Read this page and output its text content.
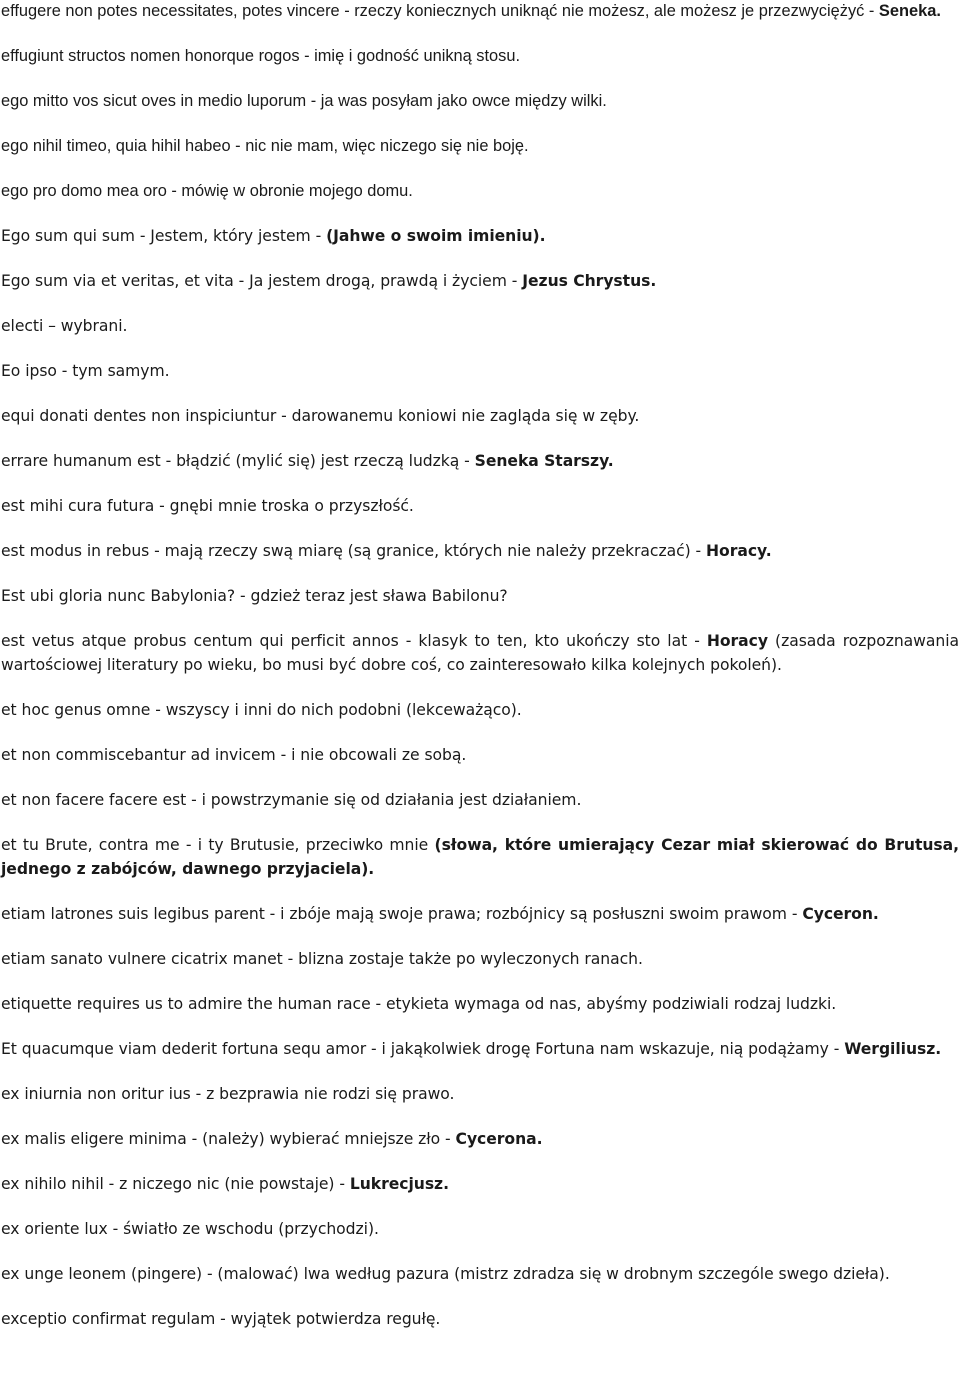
effugere non potes necessitates, potes vincere - rzeczy koniecznych uniknąć nie możesz, ale możesz je przezwyciężyć - Seneka.

effugiunt structos nomen honorque rogos - imię i godność unikną stosu.

ego mitto vos sicut oves in medio luporum - ja was posyłam jako owce między wilki.

ego nihil timeo, quia hihil habeo - nic nie mam, więc niczego się nie boję.

ego pro domo mea oro - mówię w obronie mojego domu.

Ego sum qui sum - Jestem, który jestem - (Jahwe o swoim imieniu).

Ego sum via et veritas, et vita - Ja jestem drogą, prawdą i życiem - Jezus Chrystus.

electi – wybrani.

Eo ipso - tym samym.

equi donati dentes non inspiciuntur - darowanemu koniowi nie zagląda się w zęby.

errare humanum est - błądzić (mylić się) jest rzeczą ludzką - Seneka Starszy.

est mihi cura futura - gnębi mnie troska o przyszłość.

est modus in rebus - mają rzeczy swą miarę (są granice, których nie należy przekraczać) - Horacy.

Est ubi gloria nunc Babylonia? - gdzież teraz jest sława Babilonu?

est vetus atque probus centum qui perficit annos - klasyk to ten, kto ukończy sto lat - Horacy (zasada rozpoznawania wartościowej literatury po wieku, bo musi być dobre coś, co zainteresowało kilka kolejnych pokoleń).

et hoc genus omne - wszyscy i inni do nich podobni (lekceważąco).

et non commiscebantur ad invicem - i nie obcowali ze sobą.

et non facere facere est - i powstrzymanie się od działania jest działaniem.

et tu Brute, contra me - i ty Brutusie, przeciwko mnie (słowa, które umierający Cezar miał skierować do Brutusa, jednego z zabójców, dawnego przyjaciela).

etiam latrones suis legibus parent - i zbóje mają swoje prawa; rozbójnicy są posłuszni swoim prawom - Cyceron.

etiam sanato vulnere cicatrix manet - blizna zostaje także po wyleczonych ranach.

etiquette requires us to admire the human race - etykieta wymaga od nas, abyśmy podziwiali rodzaj ludzki.

Et quacumque viam dederit fortuna sequ amor - i jakąkolwiek drogę Fortuna nam wskazuje, nią podążamy - Wergiliusz.

ex iniurnia non oritur ius - z bezprawia nie rodzi się prawo.

ex malis eligere minima - (należy) wybierać mniejsze zło - Cycerona.

ex nihilo nihil - z niczego nic (nie powstaje) - Lukrecjusz.

ex oriente lux - światło ze wschodu (przychodzi).

ex unge leonem (pingere) - (malować) lwa według pazura (mistrz zdradza się w drobnym szczególe swego dzieła).

exceptio confirmat regulam - wyjątek potwierdza regułę.
